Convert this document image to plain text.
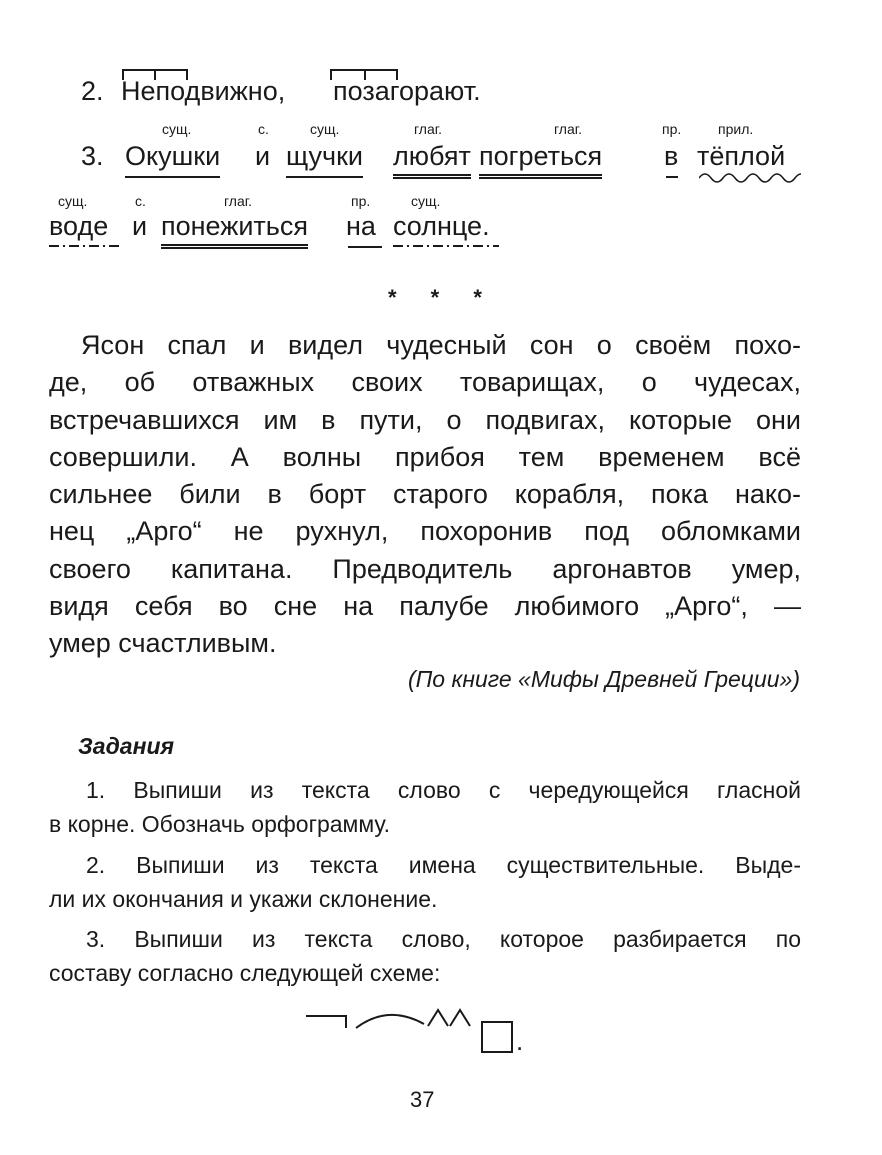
2. Неподвижно, позагорают.
сущ.	с.	сущ.	глаг.	глаг.	пр.	прил.
3. Окушки и щучки любят погреться в тёплой
сущ.	с.	глаг.	пр.	сущ.
воде и понежиться на солнце.
* * *
Ясон спал и видел чудесный сон о своём похо-
де, об отважных своих товарищах, о чудесах,
встречавшихся им в пути, о подвигах, которые они
совершили. А волны прибоя тем временем всё
сильнее били в борт старого корабля, пока нако-
нец „Арго“ не рухнул, похоронив под обломками
своего капитана. Предводитель аргонавтов умер,
видя себя во сне на палубе любимого „Арго“, —
умер счастливым.
(По книге «Мифы Древней Греции»)
Задания
1. Выпиши из текста слово с чередующейся гласной
в корне. Обозначь орфограмму.
2. Выпиши из текста имена существительные. Выде-
ли их окончания и укажи склонение.
3. Выпиши из текста слово, которое разбирается по
составу согласно следующей схеме:
.
37
